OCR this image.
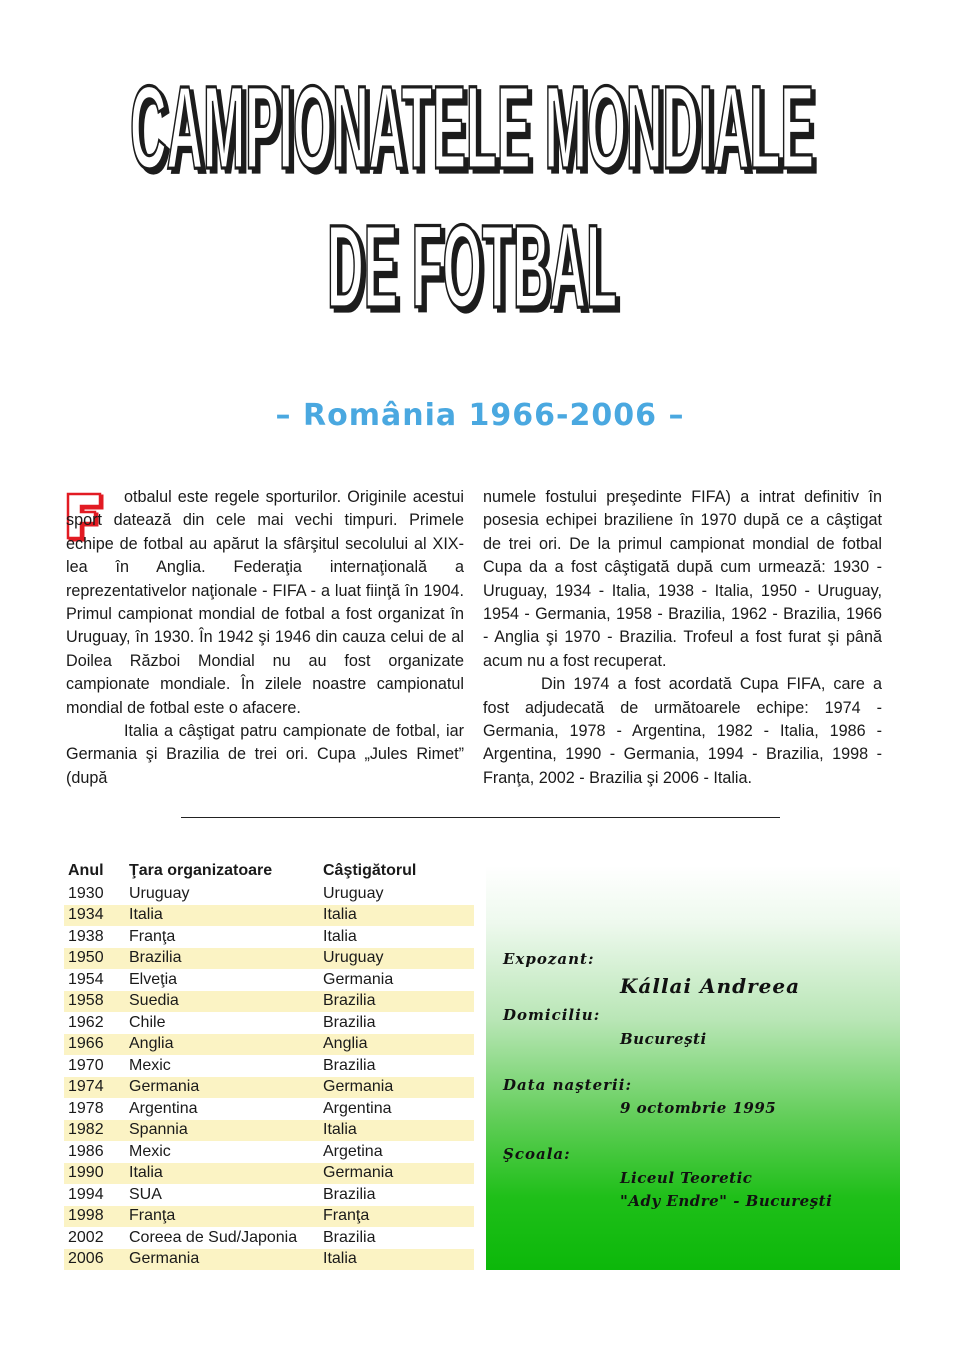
CAMPIONATELE MONDIALE
DE FOTBAL
– România 1966-2006 –
F	otbalul este regele sporturilor. Originile acestui sport datează din cele mai vechi timpuri. Primele echipe de fotbal au apărut la sfârşitul secolului al XIX-lea în Anglia. Federaţia internaţională a reprezentativelor naţionale - FIFA - a luat fiinţă în 1904. Primul campionat mondial de fotbal a fost organizat în Uruguay, în 1930. În 1942 şi 1946 din cauza celui de al Doilea Război Mondial nu au fost organizate campionate mondiale. În zilele noastre campionatul mondial de fotbal este o afacere.

Italia a câştigat patru campionate de fotbal, iar Germania şi Brazilia de trei ori. Cupa „Jules Rimet” (după

numele fostului preşedinte FIFA) a intrat definitiv în posesia echipei braziliene în 1970 după ce a câştigat de trei ori. De la primul campionat mondial de fotbal Cupa da a fost câştigată după cum urmează: 1930 - Uruguay, 1934 - Italia, 1938 - Italia, 1950 - Uruguay, 1954 - Germania, 1958 - Brazilia, 1962 - Brazilia, 1966 - Anglia şi 1970 - Brazilia. Trofeul a fost furat şi până acum nu a fost recuperat.

Din 1974 a fost acordată Cupa FIFA, care a fost adjudecată de următoarele echipe: 1974 - Germania, 1978 - Argentina, 1982 - Italia, 1986 - Argentina, 1990 - Germania, 1994 - Brazilia, 1998 - Franţa, 2002 - Brazilia şi 2006 - Italia.

Anul	Ţara organizatoare	Câştigătorul
1930	Uruguay	Uruguay
1934	Italia	Italia
1938	Franţa	Italia
1950	Brazilia	Uruguay
1954	Elveţia	Germania
1958	Suedia	Brazilia
1962	Chile	Brazilia
1966	Anglia	Anglia
1970	Mexic	Brazilia
1974	Germania	Germania
1978	Argentina	Argentina
1982	Spannia	Italia
1986	Mexic	Argetina
1990	Italia	Germania
1994	SUA	Brazilia
1998	Franţa	Franţa
2002	Coreea de Sud/Japonia	Brazilia
2006	Germania	Italia
Expozant:
Kállai Andreea
Domiciliu:
Bucureşti
Data naşterii:
9 octombrie 1995
Şcoala:
Liceul Teoretic
"Ady Endre" - Bucureşti
